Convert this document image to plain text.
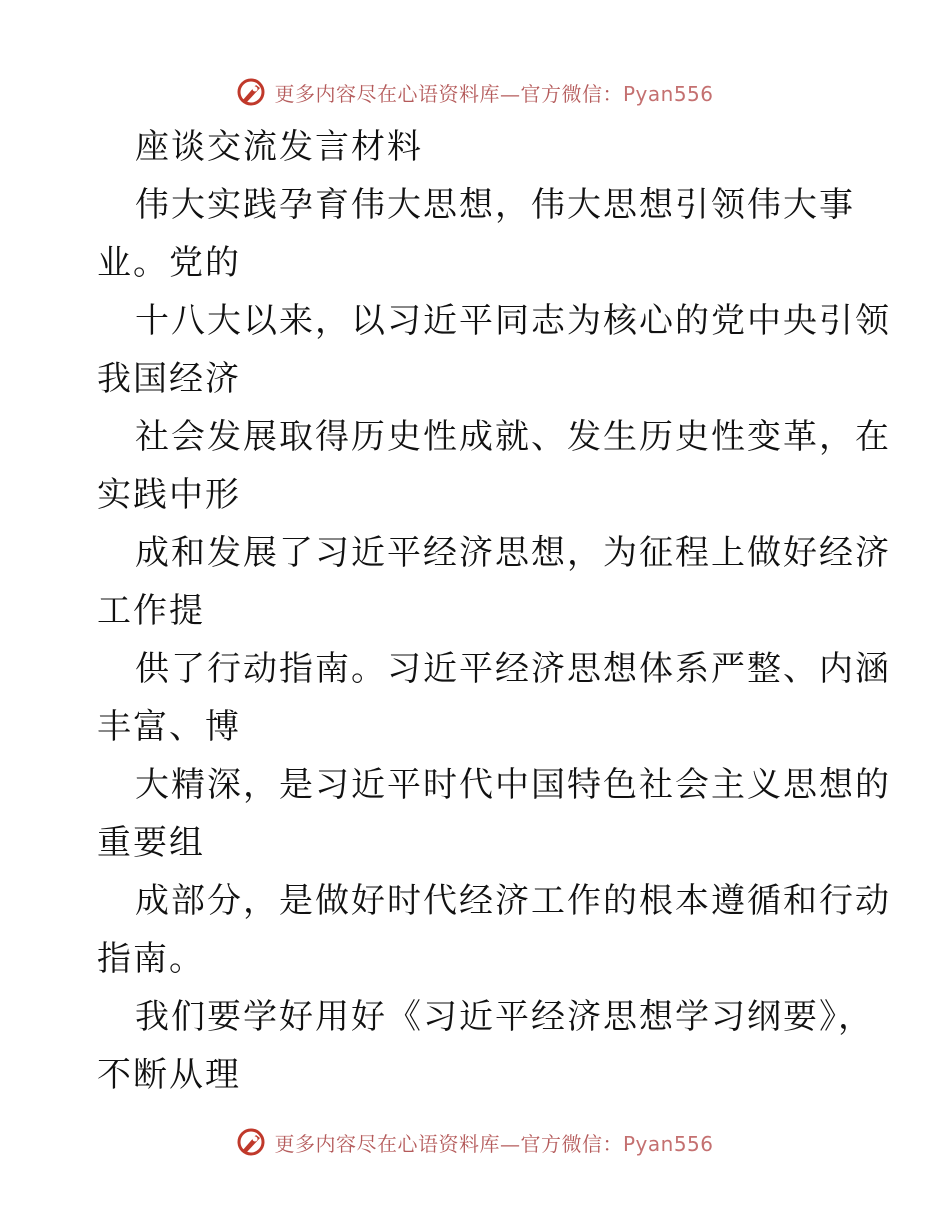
更多内容尽在心语资料库—官方微信：Pyan556
座谈交流发言材料
伟大实践孕育伟大思想，伟大思想引领伟大事
业。党的
十八大以来，以习近平同志为核心的党中央引领
我国经济
社会发展取得历史性成就、发生历史性变革，在
实践中形
成和发展了习近平经济思想，为征程上做好经济
工作提
供了行动指南。习近平经济思想体系严整、内涵
丰富、博
大精深，是习近平时代中国特色社会主义思想的
重要组
成部分，是做好时代经济工作的根本遵循和行动
指南。
我们要学好用好《习近平经济思想学习纲要》，
不断从理
更多内容尽在心语资料库—官方微信：Pyan556
